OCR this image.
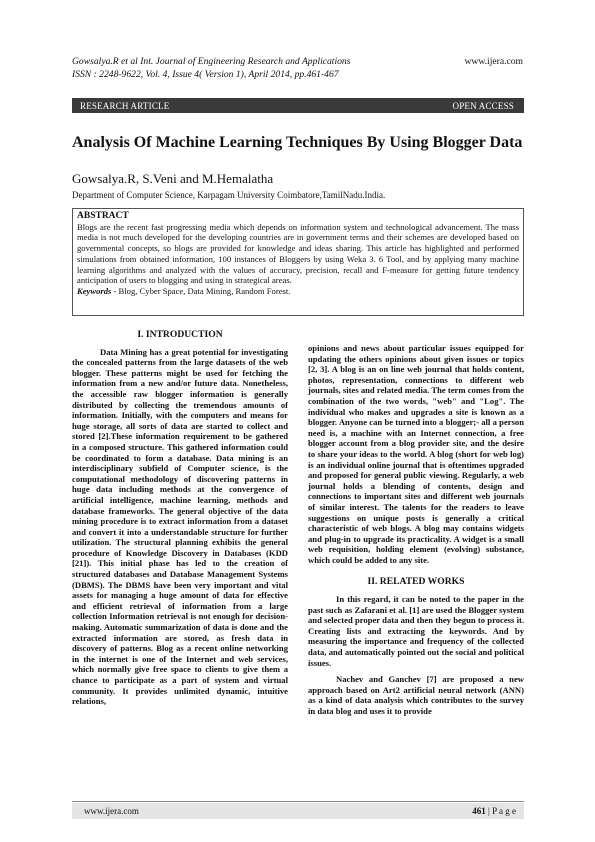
Gowsalya.R et al Int. Journal of Engineering Research and Applications
ISSN : 2248-9622, Vol. 4, Issue 4( Version 1), April 2014, pp.461-467
www.ijera.com
RESEARCH ARTICLE	OPEN ACCESS
Analysis Of Machine Learning Techniques By Using Blogger Data
Gowsalya.R, S.Veni and M.Hemalatha
Department of Computer Science, Karpagam University Coimbatore,TamilNadu.India.
ABSTRACT
Blogs are the recent fast progressing media which depends on information system and technological advancement. The mass media is not much developed for the developing countries are in government terms and their schemes are developed based on governmental concepts, so blogs are provided for knowledge and ideas sharing. This article has highlighted and performed simulations from obtained information, 100 instances of Bloggers by using Weka 3. 6 Tool, and by applying many machine learning algorithms and analyzed with the values of accuracy, precision, recall and F-measure for getting future tendency anticipation of users to blogging and using in strategical areas.
Keywords - Blog, Cyber Space, Data Mining, Random Forest.
I. INTRODUCTION

Data Mining has a great potential for investigating the concealed patterns from the large datasets of the web blogger. These patterns might be used for fetching the information from a new and/or future data. Nonetheless, the accessible raw blogger information is generally distributed by collecting the tremendous amounts of information. Initially, with the computers and means for huge storage, all sorts of data are started to collect and stored [2].These information requirement to be gathered in a composed structure. This gathered information could be coordinated to form a database. Data mining is an interdisciplinary subfield of Computer science, is the computational methodology of discovering patterns in huge data including methods at the convergence of artificial intelligence, machine learning, methods and database frameworks. The general objective of the data mining procedure is to extract information from a dataset and convert it into a understandable structure for further utilization. The structural planning exhibits the general procedure of Knowledge Discovery in Databases (KDD [21]). This initial phase has led to the creation of structured databases and Database Management Systems (DBMS). The DBMS have been very important and vital assets for managing a huge amount of data for effective and efficient retrieval of information from a large collection Information retrieval is not enough for decision-making. Automatic summarization of data is done and the extracted information are stored, as fresh data in discovery of patterns. Blog as a recent online networking in the internet is one of the Internet and web services, which normally give free space to clients to give them a chance to participate as a part of system and virtual community. It provides unlimited dynamic, intuitive relations,

opinions and news about particular issues equipped for updating the others opinions about given issues or topics [2, 3]. A blog is an on line web journal that holds content, photos, representation, connections to different web journals, sites and related media. The term comes from the combination of the two words, "web" and "Log". The individual who makes and upgrades a site is known as a blogger. Anyone can be turned into a blogger;- all a person need is, a machine with an Internet connection, a free blogger account from a blog provider site, and the desire to share your ideas to the world. A blog (short for web log) is an individual online journal that is oftentimes upgraded and proposed for general public viewing. Regularly, a web journal holds a blending of contents, design and connections to important sites and different web journals of similar interest. The talents for the readers to leave suggestions on unique posts is generally a critical characteristic of web blogs. A blog may contains widgets and plug-in to upgrade its practicality. A widget is a small web requisition, holding element (evolving) substance, which could be added to any site.

II. RELATED WORKS

In this regard, it can be noted to the paper in the past such as Zafarani et al. [1] are used the Blogger system and selected proper data and then they begun to process it. Creating lists and extracting the keywords. And by measuring the importance and frequency of the collected data, and automatically pointed out the social and political issues.

Nachev and Ganchev [7] are proposed a new approach based on Art2 artificial neural network (ANN) as a kind of data analysis which contributes to the survey in data blog and uses it to provide

www.ijera.com	461 | P a g e
